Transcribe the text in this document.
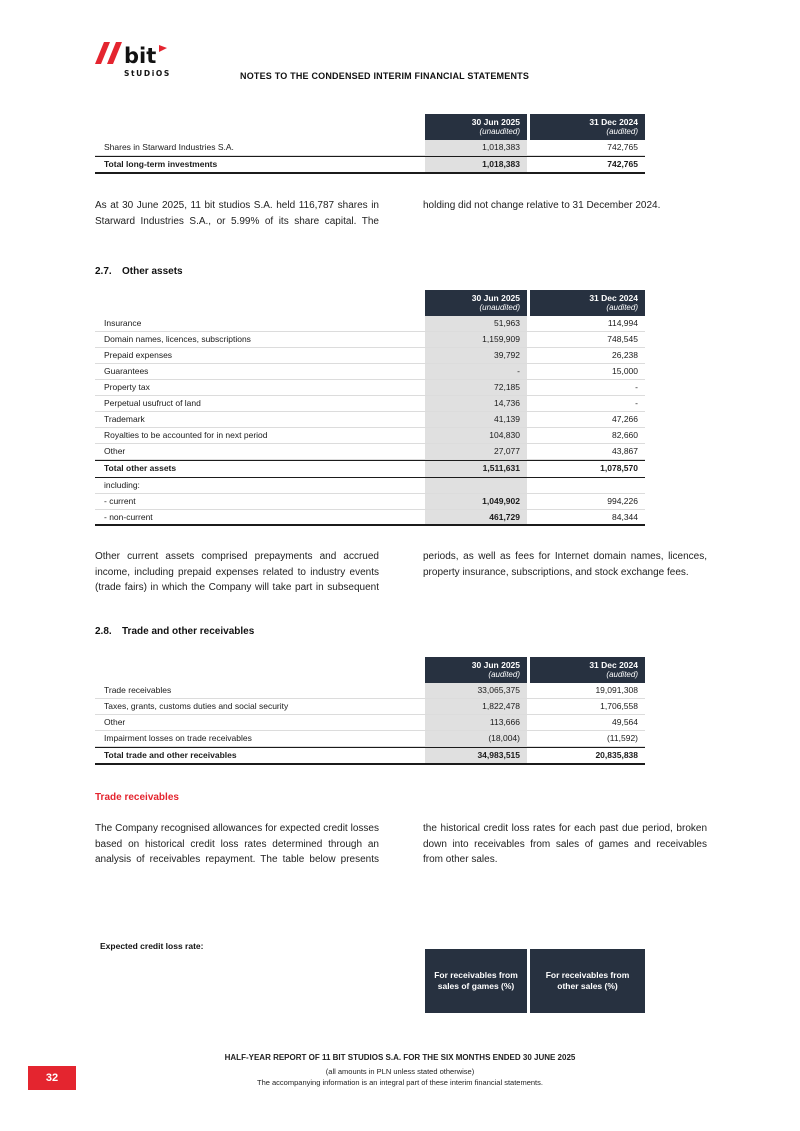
bit
StUDiOS	NOTES TO THE CONDENSED INTERIM FINANCIAL STATEMENTS
30 Jun 2025
(unaudited)
31 Dec 2024
(audited)
Shares in Starward Industries S.A.	1,018,383	742,765
Total long-term investments	1,018,383	742,765
As at 30 June 2025, 11 bit studios S.A. held 116,787 shares in Starward Industries S.A., or 5.99% of its share capital. The holding did not change relative to 31 December 2024.
2.7. Other assets
30 Jun 2025
(unaudited)
31 Dec 2024
(audited)
Insurance	51,963	114,994
Domain names, licences, subscriptions	1,159,909	748,545
Prepaid expenses	39,792	26,238
Guarantees	-	15,000
Property tax	72,185	-
Perpetual usufruct of land	14,736	-
Trademark	41,139	47,266
Royalties to be accounted for in next period	104,830	82,660
Other	27,077	43,867
Total other assets	1,511,631	1,078,570
including:
- current	1,049,902	994,226
- non-current	461,729	84,344
Other current assets comprised prepayments and accrued income, including prepaid expenses related to industry events (trade fairs) in which the Company will take part in subsequent periods, as well as fees for Internet domain names, licences, property insurance, subscriptions, and stock exchange fees.
2.8. Trade and other receivables
30 Jun 2025
(audited)
31 Dec 2024
(audited)
Trade receivables	33,065,375	19,091,308
Taxes, grants, customs duties and social security	1,822,478	1,706,558
Other	113,666	49,564
Impairment losses on trade receivables	(18,004)	(11,592)
Total trade and other receivables	34,983,515	20,835,838
Trade receivables
The Company recognised allowances for expected credit losses based on historical credit loss rates determined through an analysis of receivables repayment. The table below presents the historical credit loss rates for each past due period, broken down into receivables from sales of games and receivables from other sales.
Expected credit loss rate:
For receivables from sales of games (%)
For receivables from other sales (%)
HALF-YEAR REPORT OF 11 BIT STUDIOS S.A. FOR THE SIX MONTHS ENDED 30 JUNE 2025
(all amounts in PLN unless stated otherwise)
The accompanying information is an integral part of these interim financial statements.
32
